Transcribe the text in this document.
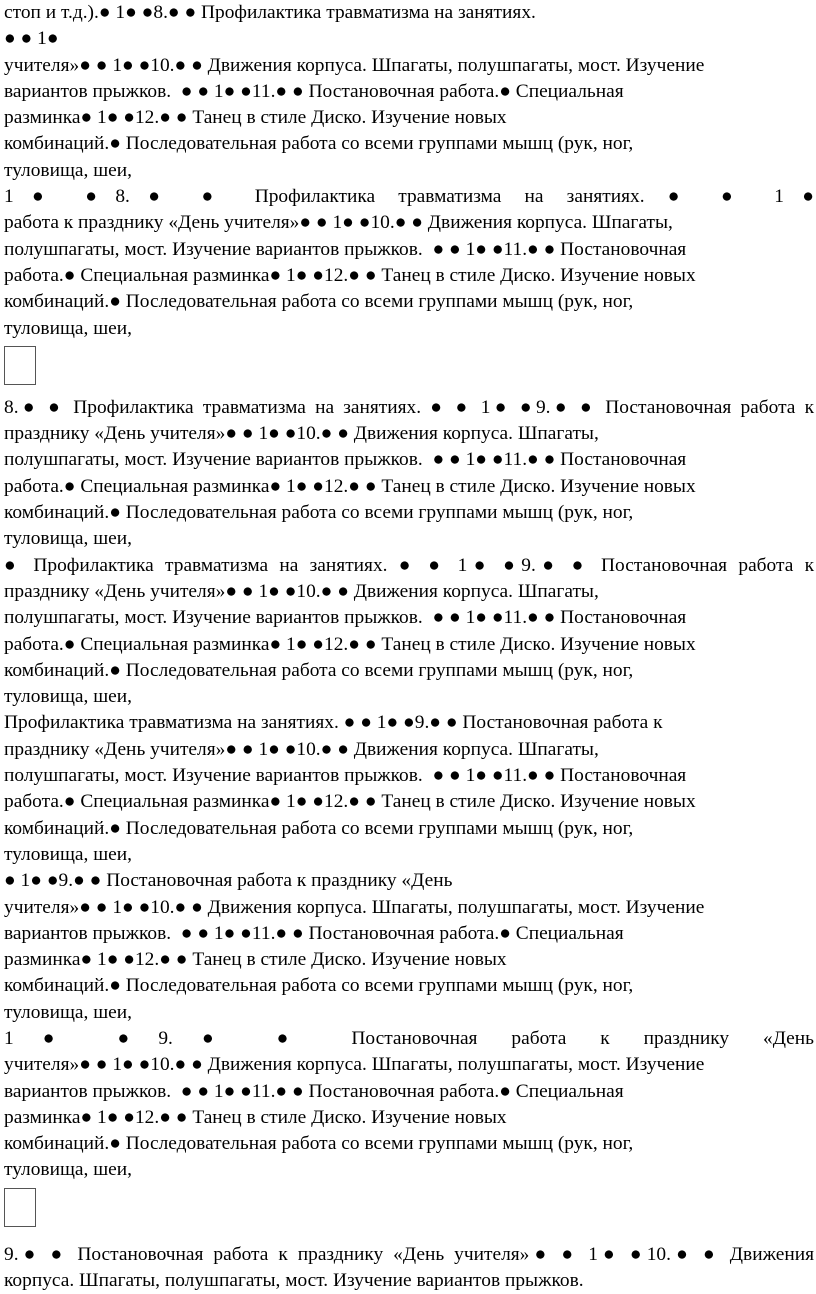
стоп и т.д.).● 1● ●8.● ● Профилактика травматизма на занятиях.
● ● 1●
учителя»● ● 1● ●10.● ● Движения корпуса. Шпагаты, полушпагаты, мост. Изучение
вариантов прыжков.  ● ● 1● ●11.● ● Постановочная работа.● Специальная
разминка● 1● ●12.● ● Танец в стиле Диско. Изучение новых
комбинаций.● Последовательная работа со всеми группами мышц (рук, ног,
туловища, шеи,
1● ●8.● ● Профилактика травматизма на занятиях. ● ● 1●
работа к празднику «День учителя»● ● 1● ●10.● ● Движения корпуса. Шпагаты,
полушпагаты, мост. Изучение вариантов прыжков.  ● ● 1● ●11.● ● Постановочная
работа.● Специальная разминка● 1● ●12.● ● Танец в стиле Диско. Изучение новых
комбинаций.● Последовательная работа со всеми группами мышц (рук, ног,
туловища, шеи,
8.● ● Профилактика травматизма на занятиях. ● ● 1● ●9.● ● Постановочная работа к
празднику «День учителя»● ● 1● ●10.● ● Движения корпуса. Шпагаты,
полушпагаты, мост. Изучение вариантов прыжков.  ● ● 1● ●11.● ● Постановочная
работа.● Специальная разминка● 1● ●12.● ● Танец в стиле Диско. Изучение новых
комбинаций.● Последовательная работа со всеми группами мышц (рук, ног,
туловища, шеи,
● Профилактика травматизма на занятиях. ● ● 1● ●9.● ● Постановочная работа к
празднику «День учителя»● ● 1● ●10.● ● Движения корпуса. Шпагаты,
полушпагаты, мост. Изучение вариантов прыжков.  ● ● 1● ●11.● ● Постановочная
работа.● Специальная разминка● 1● ●12.● ● Танец в стиле Диско. Изучение новых
комбинаций.● Последовательная работа со всеми группами мышц (рук, ног,
туловища, шеи,
Профилактика травматизма на занятиях. ● ● 1● ●9.● ● Постановочная работа к
празднику «День учителя»● ● 1● ●10.● ● Движения корпуса. Шпагаты,
полушпагаты, мост. Изучение вариантов прыжков.  ● ● 1● ●11.● ● Постановочная
работа.● Специальная разминка● 1● ●12.● ● Танец в стиле Диско. Изучение новых
комбинаций.● Последовательная работа со всеми группами мышц (рук, ног,
туловища, шеи,
● 1● ●9.● ● Постановочная работа к празднику «День
учителя»● ● 1● ●10.● ● Движения корпуса. Шпагаты, полушпагаты, мост. Изучение
вариантов прыжков.  ● ● 1● ●11.● ● Постановочная работа.● Специальная
разминка● 1● ●12.● ● Танец в стиле Диско. Изучение новых
комбинаций.● Последовательная работа со всеми группами мышц (рук, ног,
туловища, шеи,
1● ●9.● ● Постановочная работа к празднику «День
учителя»● ● 1● ●10.● ● Движения корпуса. Шпагаты, полушпагаты, мост. Изучение
вариантов прыжков.  ● ● 1● ●11.● ● Постановочная работа.● Специальная
разминка● 1● ●12.● ● Танец в стиле Диско. Изучение новых
комбинаций.● Последовательная работа со всеми группами мышц (рук, ног,
туловища, шеи,
9.● ● Постановочная работа к празднику «День учителя»● ● 1● ●10.● ● Движения
корпуса. Шпагаты, полушпагаты, мост. Изучение вариантов прыжков.
